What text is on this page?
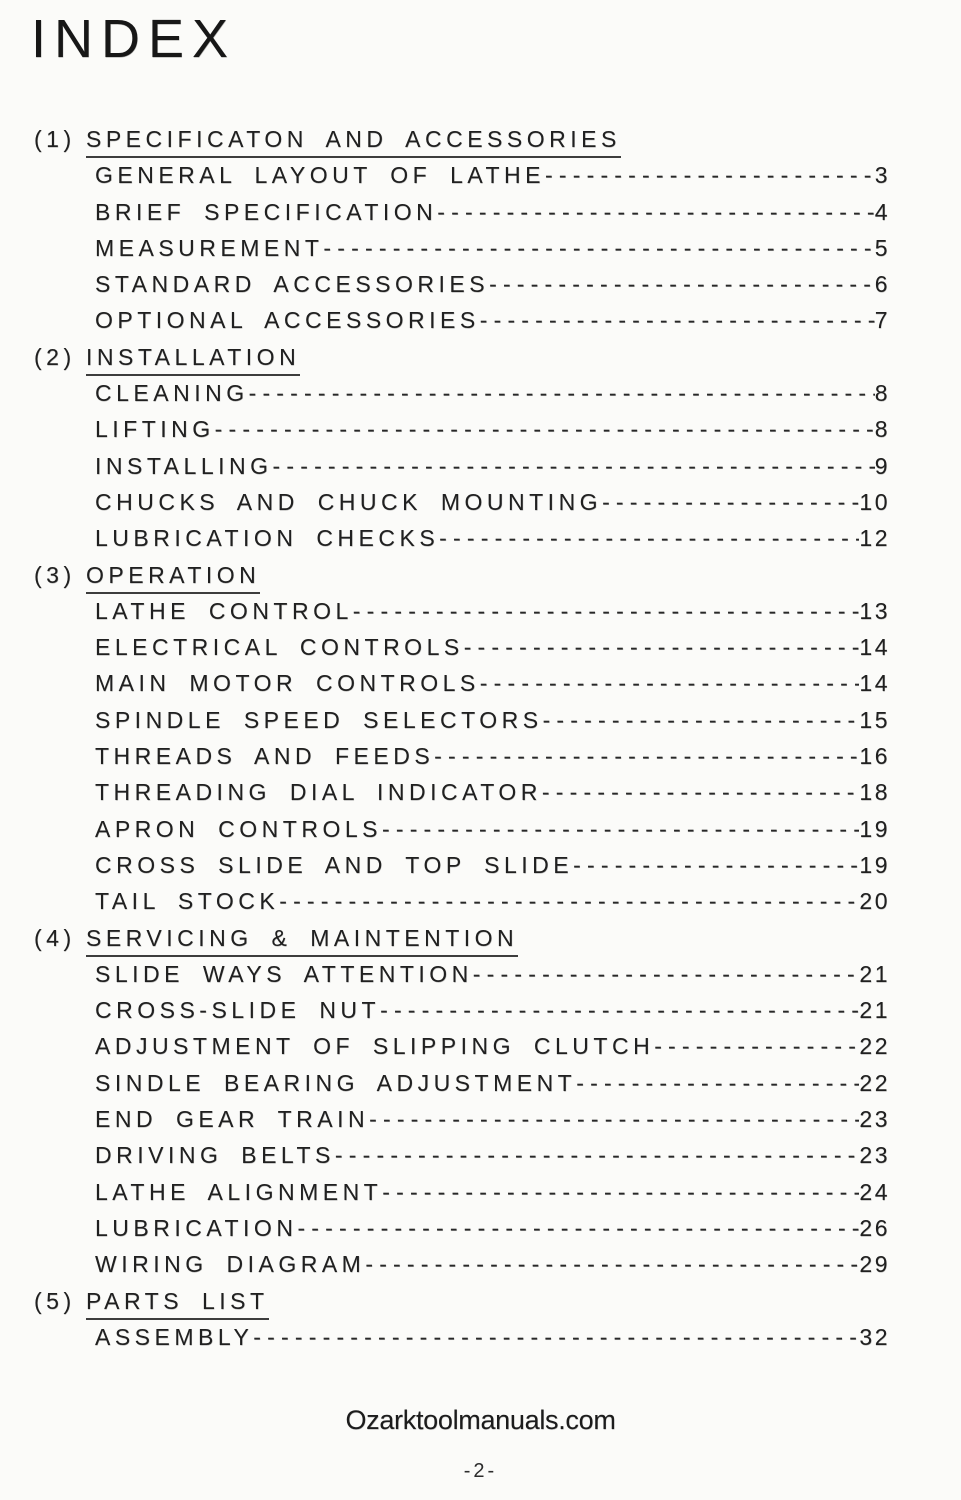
INDEX
(1) SPECIFICATON AND ACCESSORIES
GENERAL LAYOUT OF LATHE -----	3
BRIEF SPECIFICATION -----	4
MEASUREMENT -----	5
STANDARD ACCESSORIES -----	6
OPTIONAL ACCESSORIES -----	7
(2) INSTALLATION
CLEANING -----	8
LIFTING -----	8
INSTALLING -----	9
CHUCKS AND CHUCK MOUNTING -----	10
LUBRICATION CHECKS -----	12
(3) OPERATION
LATHE CONTROL -----	13
ELECTRICAL CONTROLS -----	14
MAIN MOTOR CONTROLS -----	14
SPINDLE SPEED SELECTORS -----	15
THREADS AND FEEDS -----	16
THREADING DIAL INDICATOR -----	18
APRON CONTROLS -----	19
CROSS SLIDE AND TOP SLIDE -----	19
TAIL STOCK -----	20
(4) SERVICING & MAINTENTION
SLIDE WAYS ATTENTION -----	21
CROSS-SLIDE NUT -----	21
ADJUSTMENT OF SLIPPING CLUTCH -----	22
SINDLE BEARING ADJUSTMENT -----	22
END GEAR TRAIN -----	23
DRIVING BELTS -----	23
LATHE ALIGNMENT -----	24
LUBRICATION -----	26
WIRING DIAGRAM -----	29
(5) PARTS LIST
ASSEMBLY -----	32
Ozarktoolmanuals.com
-2-
